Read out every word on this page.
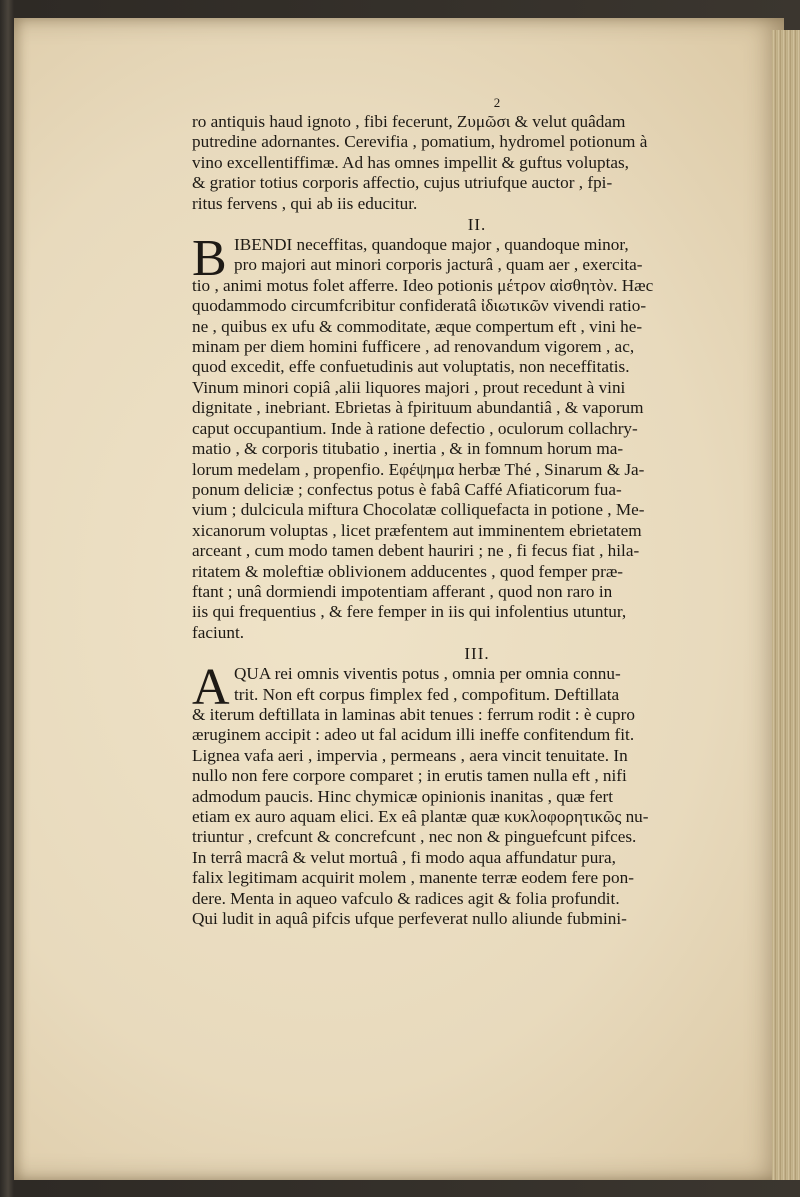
2
ro antiquis haud ignoto , fibi fecerunt, Ζυμῶσι & velut quâdam
putredine adornantes. Cerevifia , pomatium, hydromel potionum à
vino excellentiffimæ. Ad has omnes impellit & guftus voluptas,
& gratior totius corporis affectio, cujus utriufque auctor , fpi-
ritus fervens , qui ab iis educitur.
II.
B IBENDI neceffitas, quandoque major , quandoque minor,
pro majori aut minori corporis jacturâ , quam aer , exercita-
tio , animi motus folet afferre. Ideo potionis μέτρον αἰσθητὸν. Hæc
quodammodo circumfcribitur confideratâ ἰδιωτικῶν vivendi ratio-
ne , quibus ex ufu & commoditate, æque compertum eft , vini he-
minam per diem homini fufficere , ad renovandum vigorem , ac,
quod excedit, effe confuetudinis aut voluptatis, non neceffitatis.
Vinum minori copiâ ,alii liquores majori , prout recedunt à vini
dignitate , inebriant. Ebrietas à fpirituum abundantiâ , & vaporum
caput occupantium. Inde à ratione defectio , oculorum collachry-
matio , & corporis titubatio , inertia , & in fomnum horum ma-
lorum medelam , propenfio. Εφέψημα herbæ Thé , Sinarum & Ja-
ponum deliciæ ; confectus potus è fabâ Caffé Afiaticorum fua-
vium ; dulcicula miftura Chocolatæ colliquefacta in potione , Me-
xicanorum voluptas , licet præfentem aut imminentem ebrietatem
arceant , cum modo tamen debent hauriri ; ne , fi fecus fiat , hila-
ritatem & moleftiæ oblivionem adducentes , quod femper præ-
ftant ; unâ dormiendi impotentiam afferant , quod non raro in
iis qui frequentius , & fere femper in iis qui infolentius utuntur,
faciunt.
III.
A QUA rei omnis viventis potus , omnia per omnia connu-
trit. Non eft corpus fimplex fed , compofitum. Deftillata
& iterum deftillata in laminas abit tenues : ferrum rodit : è cupro
æruginem accipit : adeo ut fal acidum illi ineffe confitendum fit.
Lignea vafa aeri , impervia , permeans , aera vincit tenuitate. In
nullo non fere corpore comparet ; in erutis tamen nulla eft , nifi
admodum paucis. Hinc chymicæ opinionis inanitas , quæ fert
etiam ex auro aquam elici. Ex eâ plantæ quæ κυκλοφορητικῶς nu-
triuntur , crefcunt & concrefcunt , nec non & pinguefcunt pifces.
In terrâ macrâ & velut mortuâ , fi modo aqua affundatur pura,
falix legitimam acquirit molem , manente terræ eodem fere pon-
dere. Menta in aqueo vafculo & radices agit & folia profundit.
Qui ludit in aquâ pifcis ufque perfeverat nullo aliunde fubmini-
